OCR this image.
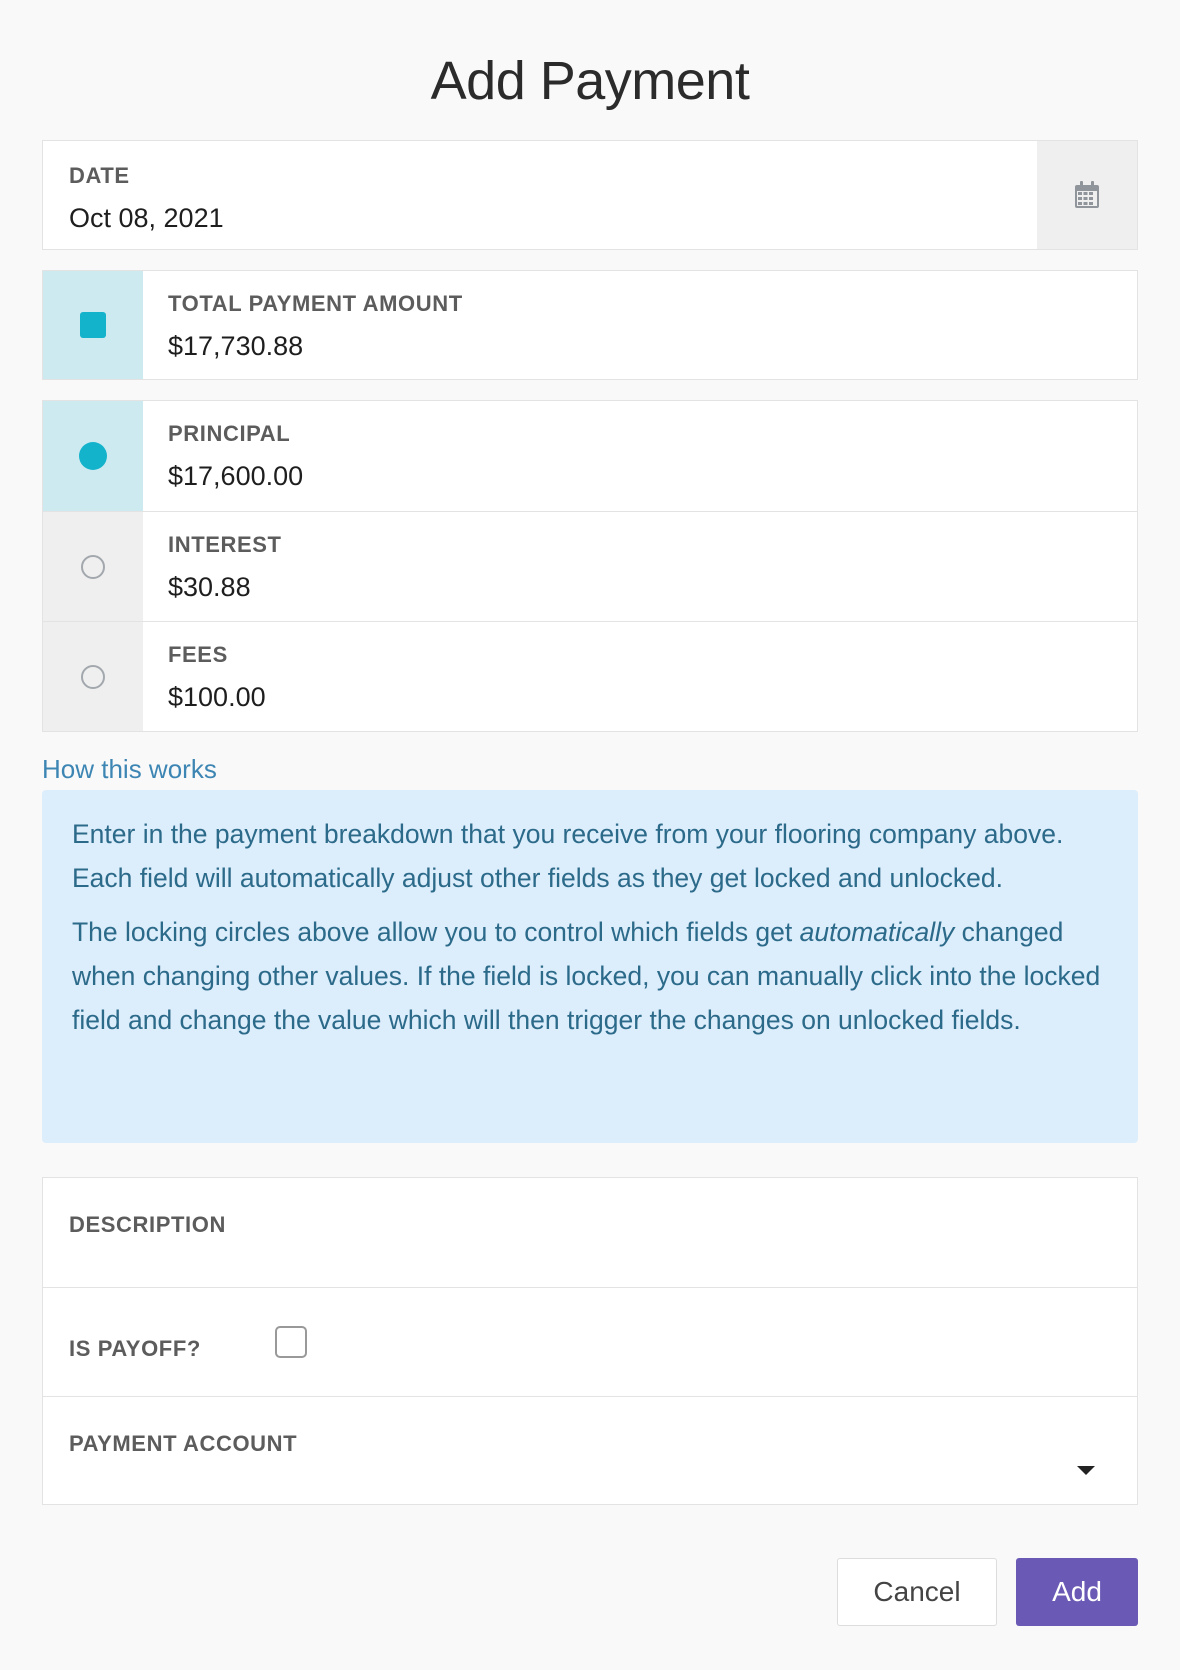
Add Payment
DATE
Oct 08, 2021
TOTAL PAYMENT AMOUNT
$17,730.88
PRINCIPAL
$17,600.00
INTEREST
$30.88
FEES
$100.00
How this works

Enter in the payment breakdown that you receive from your flooring company above. Each field will automatically adjust other fields as they get locked and unlocked.

The locking circles above allow you to control which fields get automatically changed when changing other values. If the field is locked, you can manually click into the locked field and change the value which will then trigger the changes on unlocked fields.

DESCRIPTION
IS PAYOFF?
PAYMENT ACCOUNT
Cancel	Add
